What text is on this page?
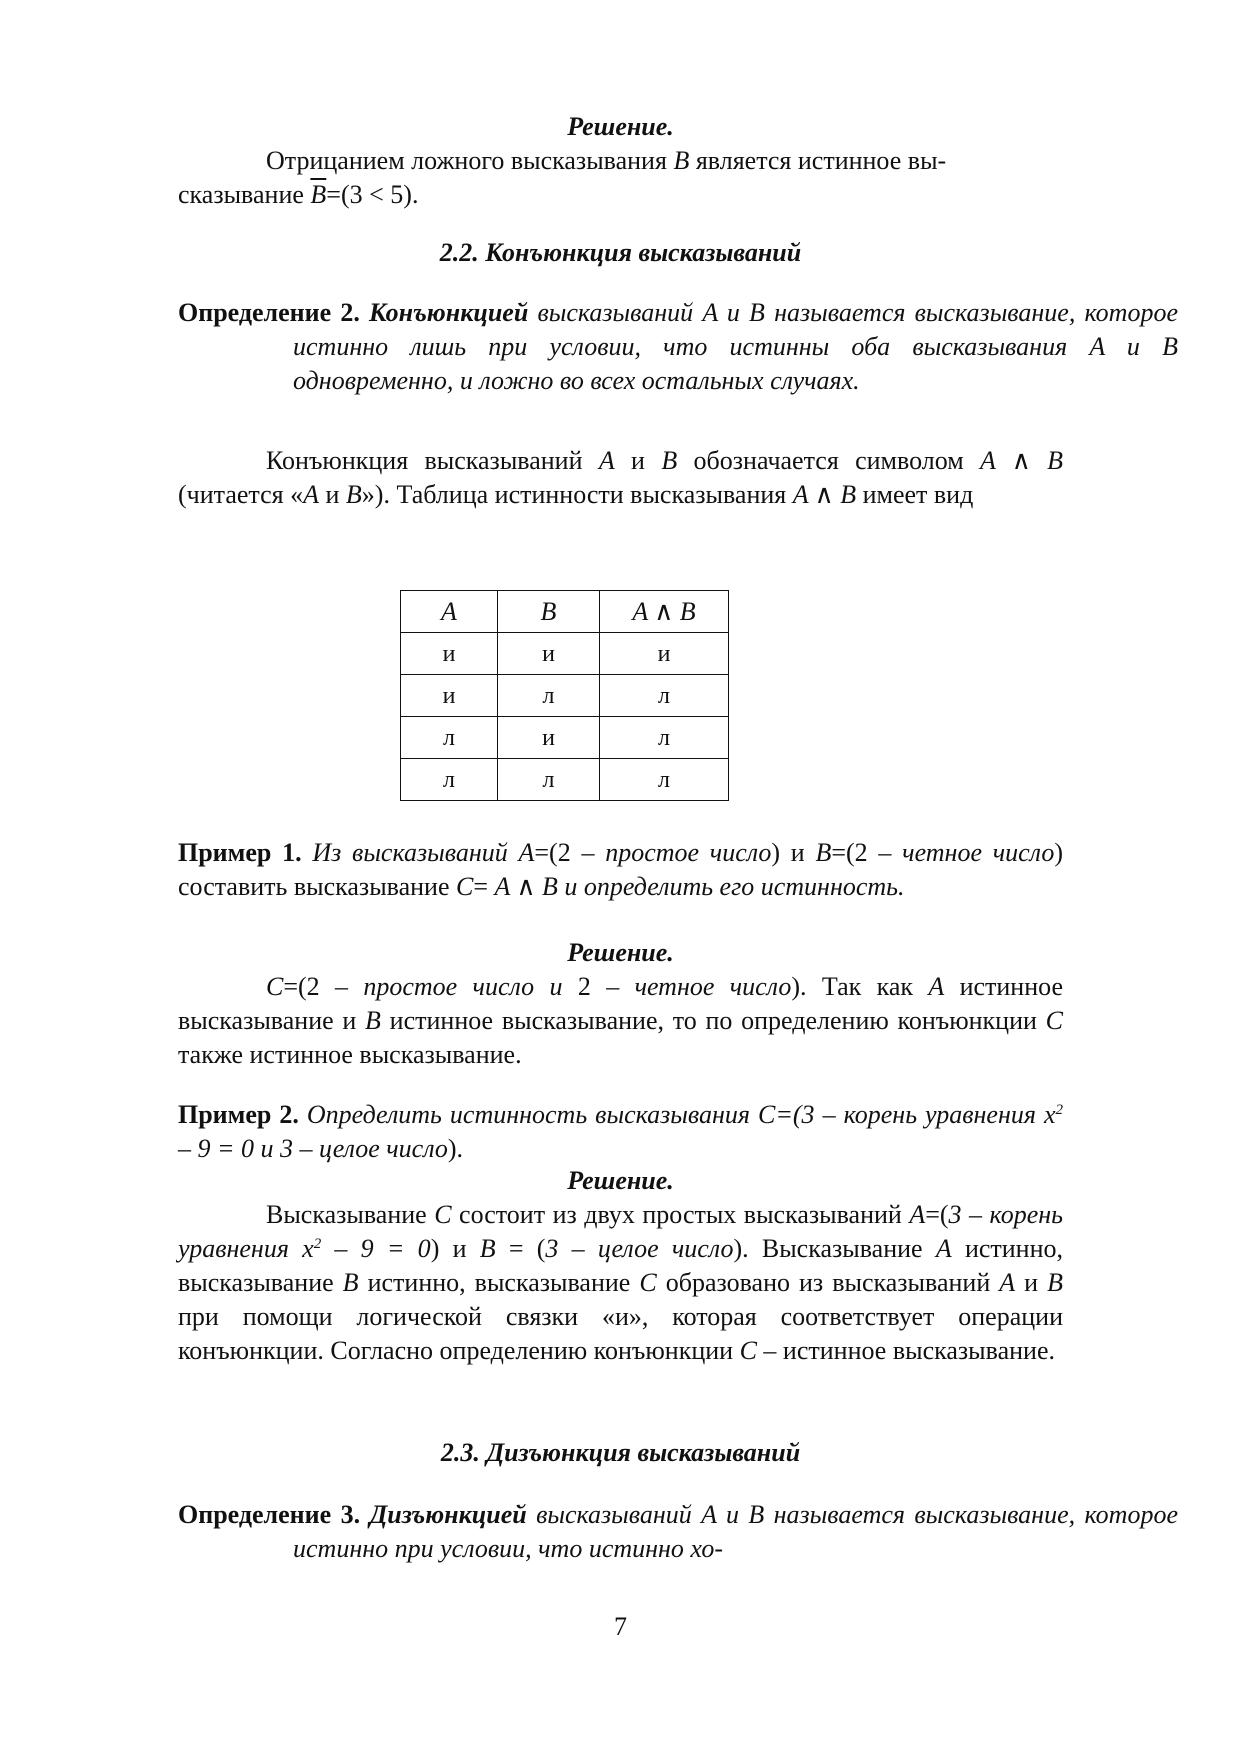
Решение.
Отрицанием ложного высказывания B является истинное вы-
сказывание $\overline{B}=(3 < 5)$.
2.2. Конъюнкция высказываний
Определение 2. Конъюнкцией высказываний A и B называется высказывание, которое истинно лишь при условии, что истинны оба высказывания A и B одновременно, и ложно во всех остальных случаях.
Конъюнкция высказываний A и B обозначается символом A ∧ B (читается «A и B»). Таблица истинности высказывания A ∧ B имеет вид
A	B	A ∧ B
и	и	и
и	л	л
л	и	л
л	л	л
Пример 1. Из высказываний A=(2 – простое число) и B=(2 – четное число) составить высказывание C= A ∧ B и определить его истинность.
Решение.
C=(2 – простое число и 2 – четное число). Так как A истинное высказывание и B истинное высказывание, то по определению конъюнкции C также истинное высказывание.
Пример 2. Определить истинность высказывания C=(3 – корень уравнения $x^2 - 9 = 0$ и 3 – целое число).
Решение.
Высказывание C состоит из двух простых высказываний A=(3 – корень уравнения $x^2 - 9 = 0$) и B = (3 – целое число). Высказывание A истинно, высказывание B истинно, высказывание C образовано из высказываний A и B при помощи логической связки «и», которая соответствует операции конъюнкции. Согласно определению конъюнкции C – истинное высказывание.
2.3. Дизъюнкция высказываний
Определение 3. Дизъюнкцией высказываний A и B называется высказывание, которое истинно при условии, что истинно хо-
7
